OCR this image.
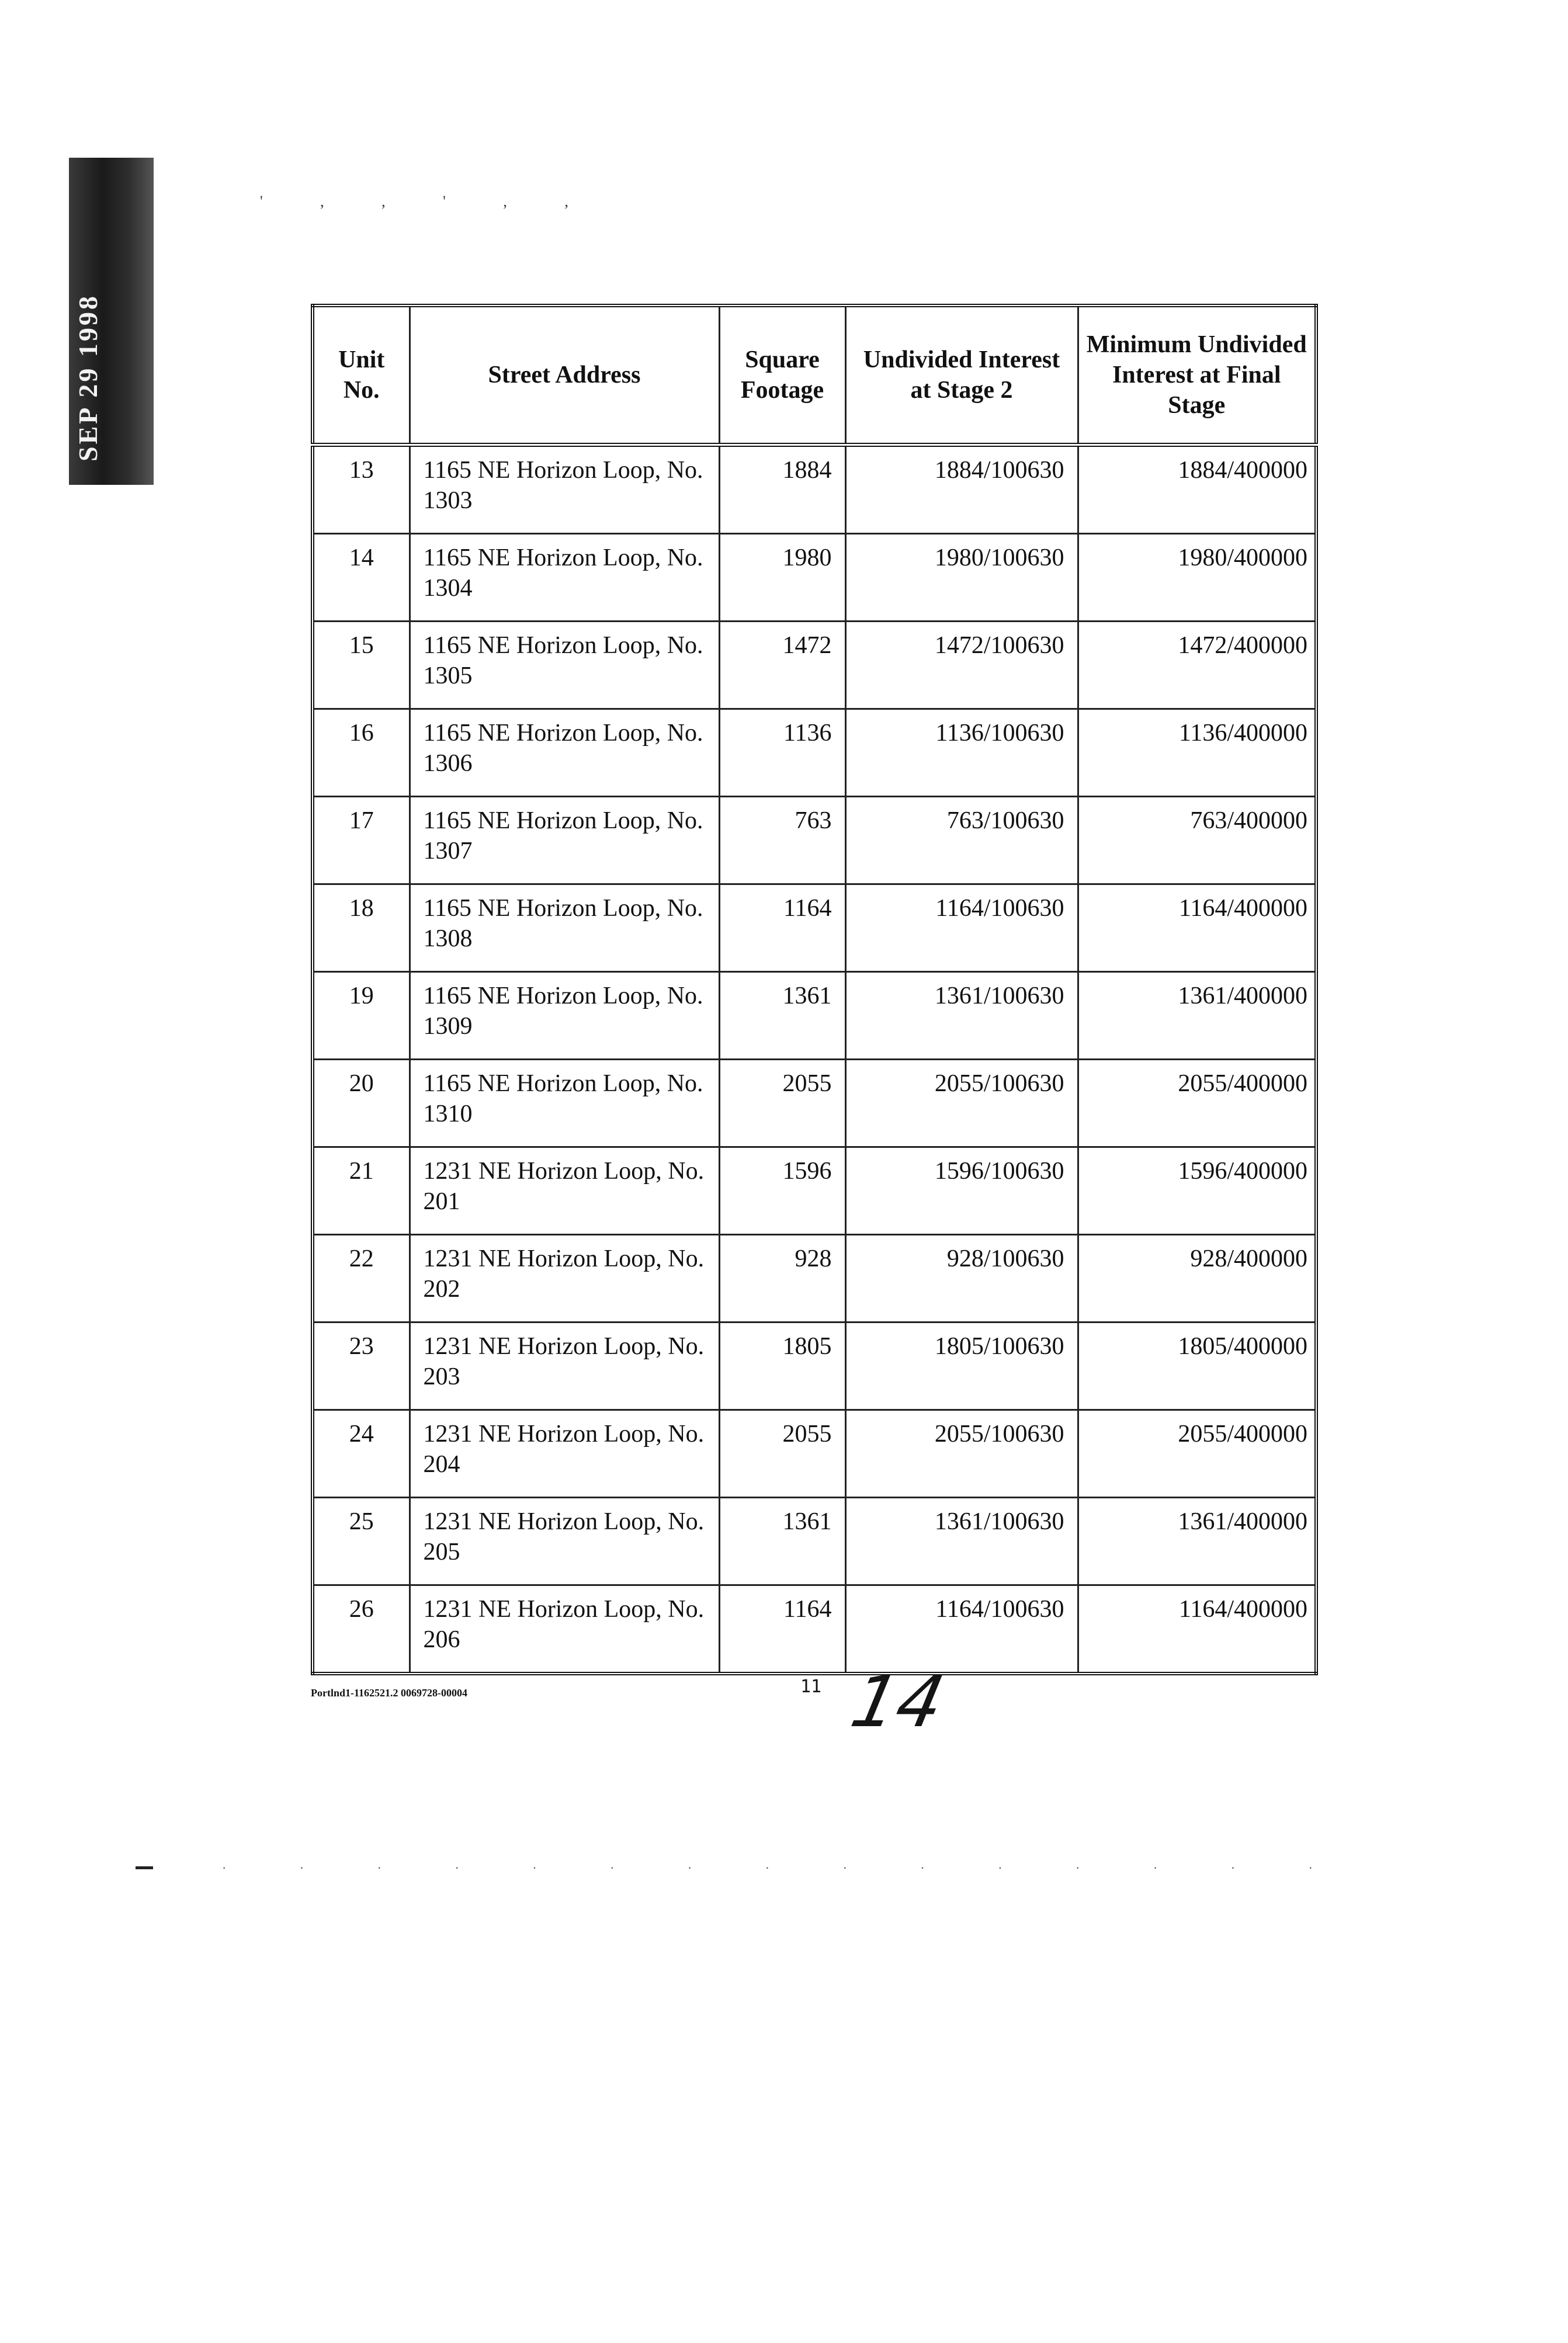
SEP 29 1998
' , , ' , ,
Unit No.	Street Address	Square Footage	Undivided Interest at Stage 2	Minimum Undivided Interest at Final Stage
13	1165 NE Horizon Loop, No. 1303	1884	1884/100630	1884/400000
14	1165 NE Horizon Loop, No. 1304	1980	1980/100630	1980/400000
15	1165 NE Horizon Loop, No. 1305	1472	1472/100630	1472/400000
16	1165 NE Horizon Loop, No. 1306	1136	1136/100630	1136/400000
17	1165 NE Horizon Loop, No. 1307	763	763/100630	763/400000
18	1165 NE Horizon Loop, No. 1308	1164	1164/100630	1164/400000
19	1165 NE Horizon Loop, No. 1309	1361	1361/100630	1361/400000
20	1165 NE Horizon Loop, No. 1310	2055	2055/100630	2055/400000
21	1231 NE Horizon Loop, No. 201	1596	1596/100630	1596/400000
22	1231 NE Horizon Loop, No. 202	928	928/100630	928/400000
23	1231 NE Horizon Loop, No. 203	1805	1805/100630	1805/400000
24	1231 NE Horizon Loop, No. 204	2055	2055/100630	2055/400000
25	1231 NE Horizon Loop, No. 205	1361	1361/100630	1361/400000
26	1231 NE Horizon Loop, No. 206	1164	1164/100630	1164/400000
Portlnd1-1162521.2 0069728-00004	11 14
· · · · · · · · · · · · · · ·
